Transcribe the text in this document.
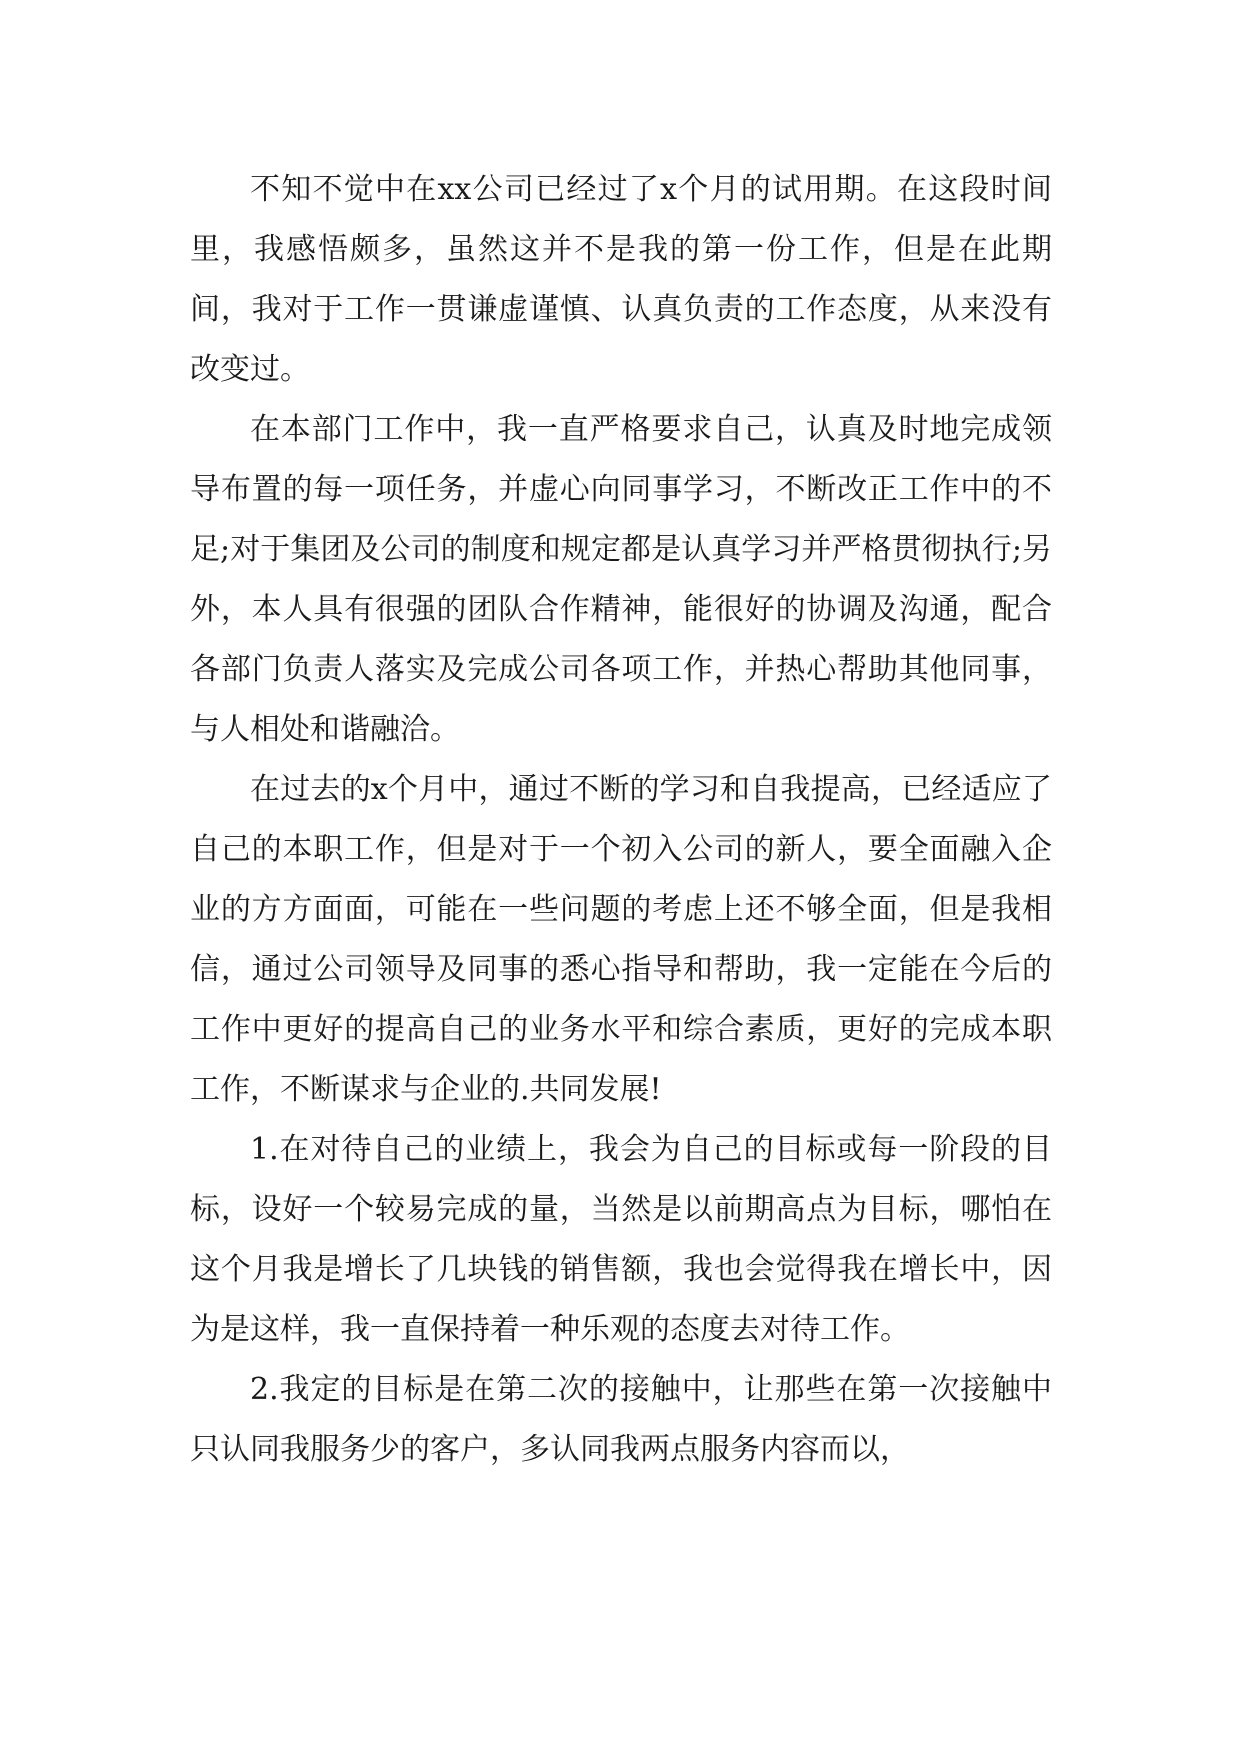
不知不觉中在xx公司已经过了x个月的试用期。在这段时间里，我感悟颇多，虽然这并不是我的第一份工作，但是在此期间，我对于工作一贯谦虚谨慎、认真负责的工作态度，从来没有改变过。

在本部门工作中，我一直严格要求自己，认真及时地完成领导布置的每一项任务，并虚心向同事学习，不断改正工作中的不足;对于集团及公司的制度和规定都是认真学习并严格贯彻执行;另外，本人具有很强的团队合作精神，能很好的协调及沟通，配合各部门负责人落实及完成公司各项工作，并热心帮助其他同事，与人相处和谐融洽。

在过去的x个月中，通过不断的学习和自我提高，已经适应了自己的本职工作，但是对于一个初入公司的新人，要全面融入企业的方方面面，可能在一些问题的考虑上还不够全面，但是我相信，通过公司领导及同事的悉心指导和帮助，我一定能在今后的工作中更好的提高自己的业务水平和综合素质，更好的完成本职工作，不断谋求与企业的.共同发展!

1.在对待自己的业绩上，我会为自己的目标或每一阶段的目标，设好一个较易完成的量，当然是以前期高点为目标，哪怕在这个月我是增长了几块钱的销售额，我也会觉得我在增长中，因为是这样，我一直保持着一种乐观的态度去对待工作。

2.我定的目标是在第二次的接触中，让那些在第一次接触中只认同我服务少的客户，多认同我两点服务内容而以，
